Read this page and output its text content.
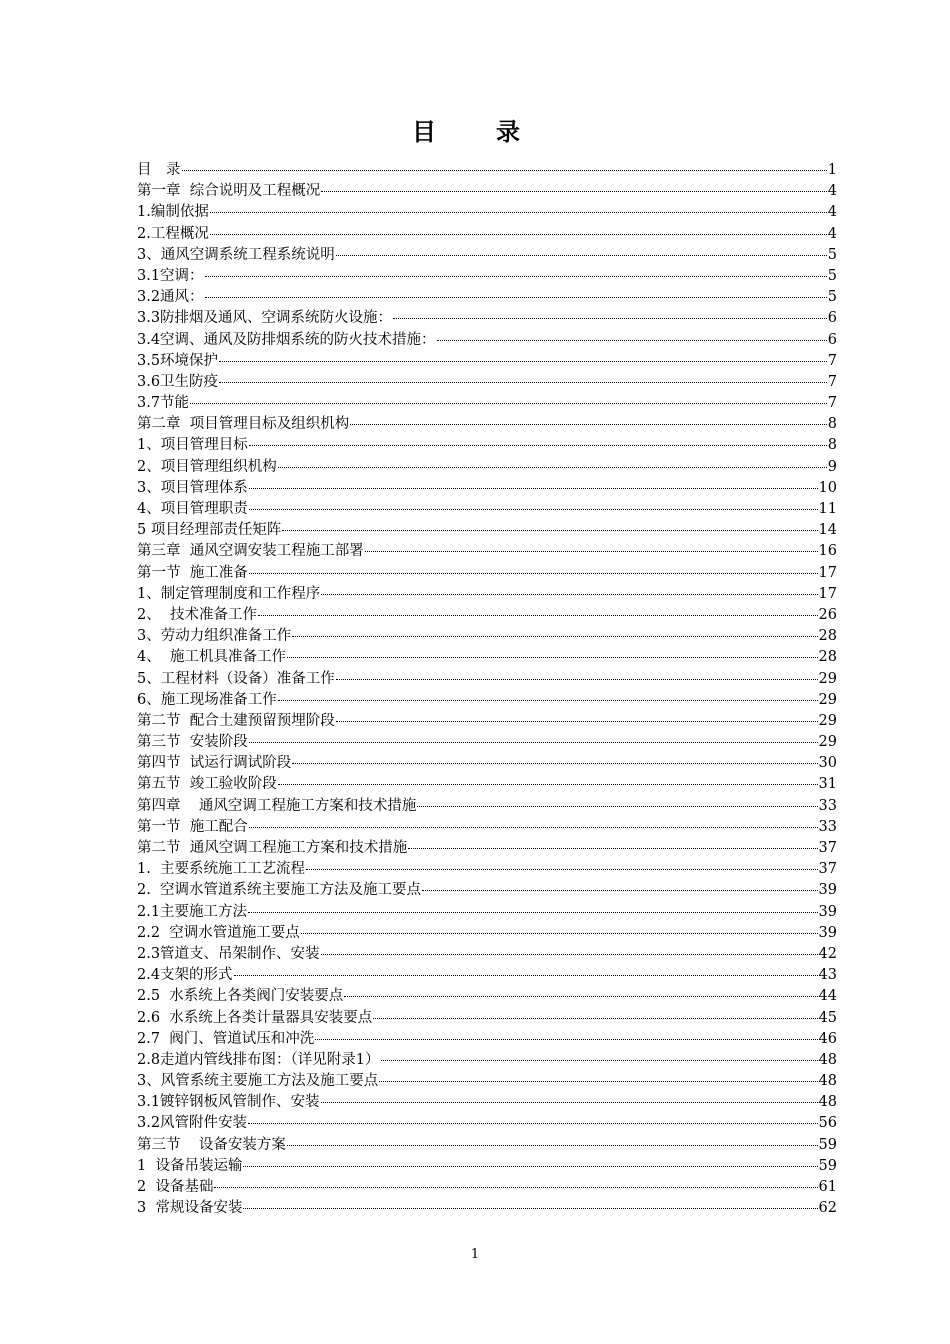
目　录
目　录	1
第一章  综合说明及工程概况	4
1.编制依据	4
2.工程概况	4
3、通风空调系统工程系统说明	5
3.1空调：	5
3.2通风：	5
3.3防排烟及通风、空调系统防火设施：	6
3.4空调、通风及防排烟系统的防火技术措施：	6
3.5环境保护	7
3.6卫生防疫	7
3.7节能	7
第二章  项目管理目标及组织机构	8
1、项目管理目标	8
2、项目管理组织机构	9
3、项目管理体系	10
4、项目管理职责	11
5 项目经理部责任矩阵	14
第三章  通风空调安装工程施工部署	16
第一节  施工准备	17
1、制定管理制度和工作程序	17
2、  技术准备工作	26
3、劳动力组织准备工作	28
4、  施工机具准备工作	28
5、工程材料（设备）准备工作	29
6、施工现场准备工作	29
第二节  配合土建预留预埋阶段	29
第三节  安装阶段	29
第四节  试运行调试阶段	30
第五节  竣工验收阶段	31
第四章    通风空调工程施工方案和技术措施	33
第一节  施工配合	33
第二节  通风空调工程施工方案和技术措施	37
1.  主要系统施工工艺流程	37
2.  空调水管道系统主要施工方法及施工要点	39
2.1主要施工方法	39
2.2  空调水管道施工要点	39
2.3管道支、吊架制作、安装	42
2.4支架的形式	43
2.5  水系统上各类阀门安装要点	44
2.6  水系统上各类计量器具安装要点	45
2.7  阀门、管道试压和冲洗	46
2.8走道内管线排布图：（详见附录1）	48
3、风管系统主要施工方法及施工要点	48
3.1镀锌钢板风管制作、安装	48
3.2风管附件安装	56
第三节    设备安装方案	59
1  设备吊装运输	59
2  设备基础	61
3  常规设备安装	62
1
